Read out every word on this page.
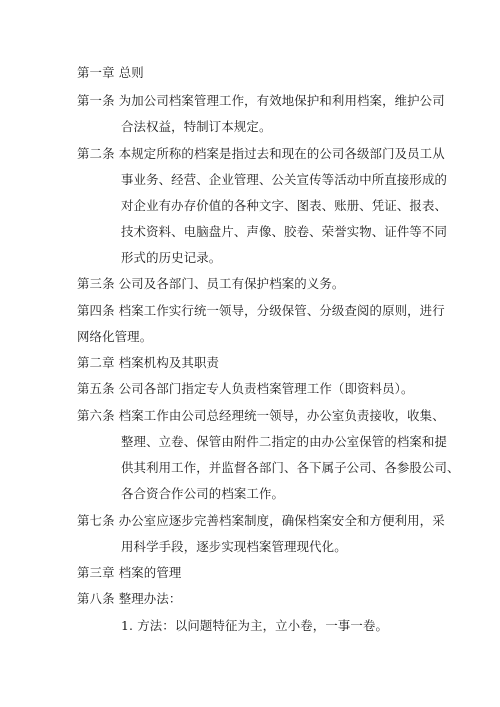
第一章 总则
第一条 为加公司档案管理工作，有效地保护和利用档案，维护公司
合法权益，特制订本规定。
第二条 本规定所称的档案是指过去和现在的公司各级部门及员工从
事业务、经营、企业管理、公关宣传等活动中所直接形成的
对企业有办存价值的各种文字、图表、账册、凭证、报表、
技术资料、电脑盘片、声像、胶卷、荣誉实物、证件等不同
形式的历史记录。
第三条 公司及各部门、员工有保护档案的义务。
第四条 档案工作实行统一领导，分级保管、分级查阅的原则，进行
网络化管理。
第二章 档案机构及其职责
第五条 公司各部门指定专人负责档案管理工作（即资料员）。
第六条 档案工作由公司总经理统一领导，办公室负责接收，收集、
整理、立卷、保管由附件二指定的由办公室保管的档案和提
供其利用工作，并监督各部门、各下属子公司、各参股公司、
各合资合作公司的档案工作。
第七条 办公室应逐步完善档案制度，确保档案安全和方便利用，采
用科学手段，逐步实现档案管理现代化。
第三章 档案的管理
第八条 整理办法：
1. 方法：以问题特征为主，立小卷，一事一卷。
